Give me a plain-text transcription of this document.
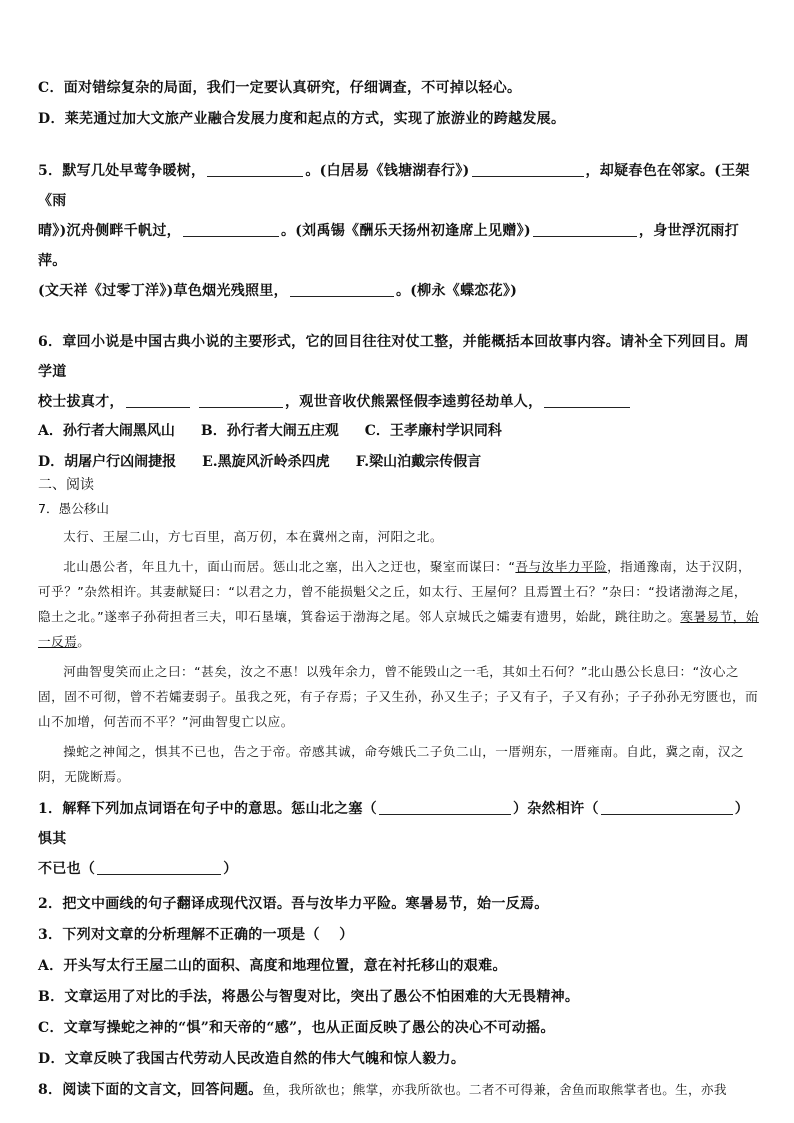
C．面对错综复杂的局面，我们一定要认真研究，仔细调查，不可掉以轻心。

D．莱芜通过加大文旅产业融合发展力度和起点的方式，实现了旅游业的跨越发展。

5．默写几处早莺争暖树，	。(白居易《钱塘湖春行》)	，却疑春色在邻家。(王架《雨
晴》)沉舟侧畔千帆过，	。(刘禹锡《酬乐天扬州初逢席上见赠》)	，身世浮沉雨打萍。
(文天祥《过零丁洋》)草色烟光残照里，	。(柳永《蝶恋花》)

6．章回小说是中国古典小说的主要形式，它的回目往往对仗工整，并能概括本回故事内容。请补全下列回目。周学道
校士拔真才，	，观世音收伏熊罴怪假李逵剪径劫单人，

A．孙行者大闹黑风山 B．孙行者大闹五庄观 C．王孝廉村学识同科
D．胡屠户行凶闹捷报 E.黑旋风沂岭杀四虎 F.梁山泊戴宗传假言

二、阅读

7．愚公移山

太行、王屋二山，方七百里，高万仞，本在冀州之南，河阳之北。

北山愚公者，年且九十，面山而居。惩山北之塞，出入之迂也，聚室而谋曰：“吾与汝毕力平险，指通豫南，达于汉阴，可乎？”杂然相许。其妻献疑曰：“以君之力，曾不能损魁父之丘，如太行、王屋何？且焉置土石？”杂曰：“投诸渤海之尾，隐土之北。”遂率子孙荷担者三夫，叩石垦壤，箕畚运于渤海之尾。邻人京城氏之孀妻有遗男，始龀，跳往助之。寒暑易节，始一反焉。

河曲智叟笑而止之曰：“甚矣，汝之不惠！以残年余力，曾不能毁山之一毛，其如土石何？”北山愚公长息曰：“汝心之固，固不可彻，曾不若孀妻弱子。虽我之死，有子存焉；子又生孙，孙又生子；子又有子，子又有孙；子子孙孙无穷匮也，而山不加增，何苦而不平？”河曲智叟亡以应。

操蛇之神闻之，惧其不已也，告之于帝。帝感其诚，命夸娥氏二子负二山，一厝朔东，一厝雍南。自此，冀之南，汉之阴，无陇断焉。

1．解释下列加点词语在句子中的意思。惩山北之塞（	）杂然相许（	）惧其
不已也（	）

2．把文中画线的句子翻译成现代汉语。吾与汝毕力平险。寒暑易节，始一反焉。

3．下列对文章的分析理解不正确的一项是（　 ）

A．开头写太行王屋二山的面积、高度和地理位置，意在衬托移山的艰难。

B．文章运用了对比的手法，将愚公与智叟对比，突出了愚公不怕困难的大无畏精神。

C．文章写操蛇之神的“惧”和天帝的“感”，也从正面反映了愚公的决心不可动摇。

D．文章反映了我国古代劳动人民改造自然的伟大气魄和惊人毅力。

8．阅读下面的文言文，回答问题。鱼，我所欲也；熊掌，亦我所欲也。二者不可得兼，舍鱼而取熊掌者也。生，亦我
